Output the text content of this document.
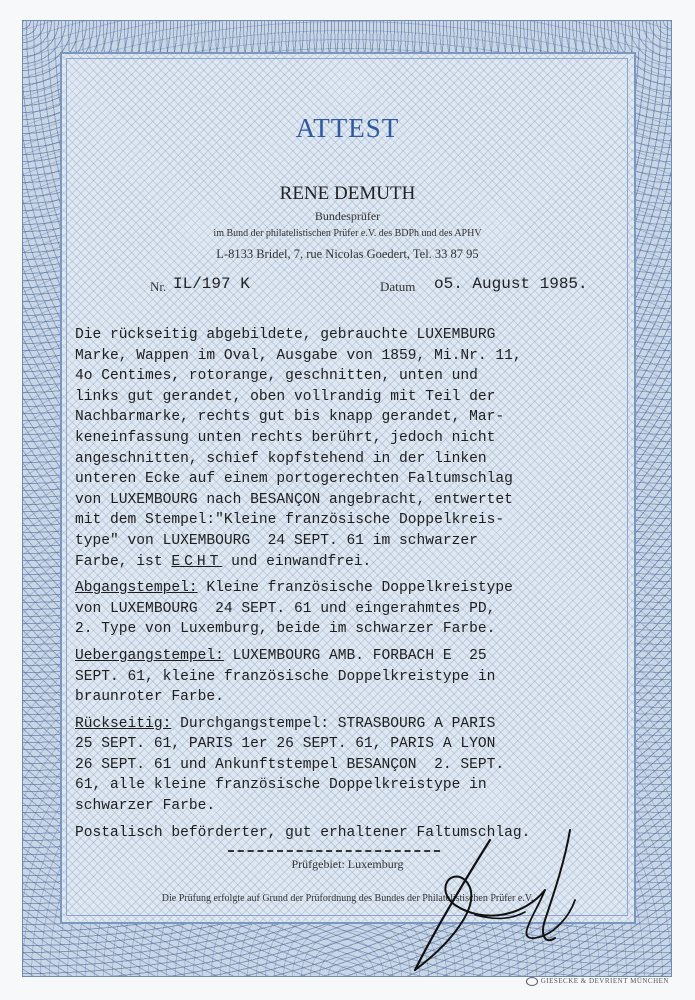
ATTEST
RENE DEMUTH
Bundesprüfer
im Bund der philatelistischen Prüfer e.V. des BDPh und des APHV
L-8133 Bridel, 7, rue Nicolas Goedert, Tel. 33 87 95
Nr. IL/197 K	Datum o5. August 1985.
Die rückseitig abgebildete, gebrauchte LUXEMBURG
Marke, Wappen im Oval, Ausgabe von 1859, Mi.Nr. 11,
4o Centimes, rotorange, geschnitten, unten und
links gut gerandet, oben vollrandig mit Teil der
Nachbarmarke, rechts gut bis knapp gerandet, Mar-
keneinfassung unten rechts berührt, jedoch nicht
angeschnitten, schief kopfstehend in der linken
unteren Ecke auf einem portogerechten Faltumschlag
von LUXEMBOURG nach BESANÇON angebracht, entwertet
mit dem Stempel:"Kleine französische Doppelkreis-
type" von LUXEMBOURG  24 SEPT. 61 im schwarzer
Farbe, ist ECHT und einwandfrei.
Abgangstempel: Kleine französische Doppelkreistype
von LUXEMBOURG  24 SEPT. 61 und eingerahmtes PD,
2. Type von Luxemburg, beide im schwarzer Farbe.
Uebergangstempel: LUXEMBOURG AMB. FORBACH E  25
SEPT. 61, kleine französische Doppelkreistype in
braunroter Farbe.
Rückseitig: Durchgangstempel: STRASBOURG A PARIS
25 SEPT. 61, PARIS 1er 26 SEPT. 61, PARIS A LYON
26 SEPT. 61 und Ankunftstempel BESANÇON  2. SEPT.
61, alle kleine französische Doppelkreistype in
schwarzer Farbe.
Postalisch beförderter, gut erhaltener Faltumschlag.
Prüfgebiet: Luxemburg
Die Prüfung erfolgte auf Grund der Prüfordnung des Bundes der Philatelistischen Prüfer e.V.
GIESECKE & DEVRIENT MÜNCHEN
